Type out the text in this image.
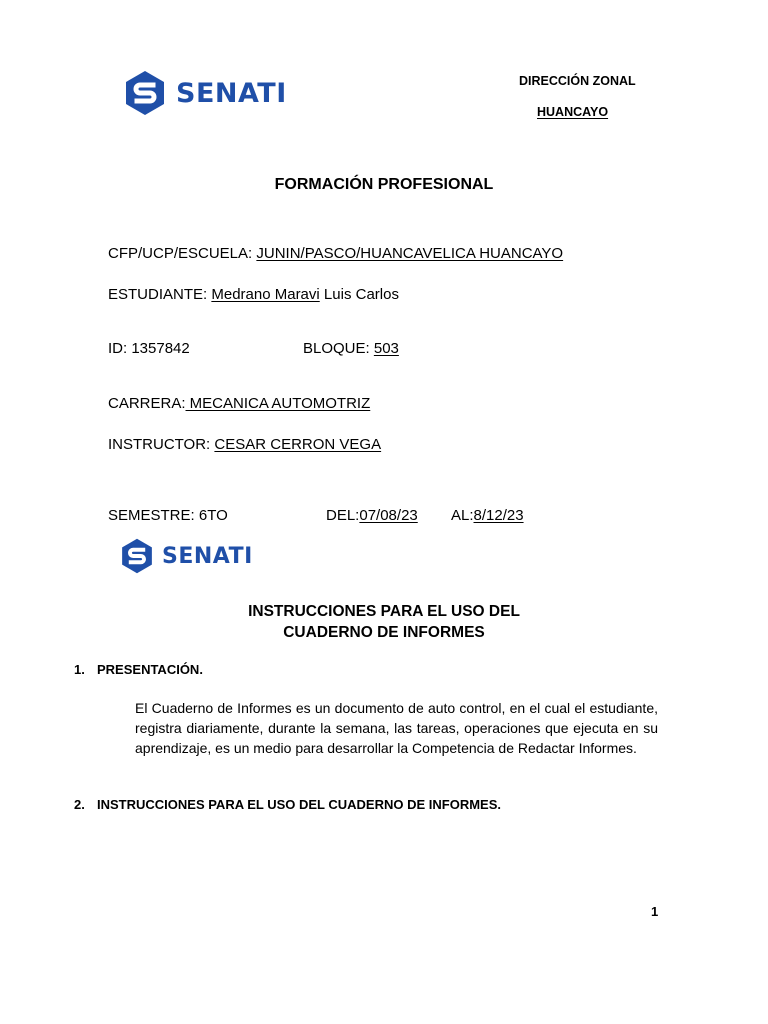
SENATI	DIRECCIÓN ZONAL
HUANCAYO
FORMACIÓN PROFESIONAL
CFP/UCP/ESCUELA: JUNIN/PASCO/HUANCAVELICA HUANCAYO
ESTUDIANTE: Medrano Maravi Luis Carlos
ID: 1357842	BLOQUE: 503
CARRERA: MECANICA AUTOMOTRIZ
INSTRUCTOR: CESAR CERRON VEGA
SEMESTRE: 6TO	DEL:07/08/23 AL:8/12/23
SENATI
INSTRUCCIONES PARA EL USO DEL
CUADERNO DE INFORMES
1. PRESENTACIÓN.
El Cuaderno de Informes es un documento de auto control, en el cual el estudiante, registra diariamente, durante la semana, las tareas, operaciones que ejecuta en su aprendizaje, es un medio para desarrollar la Competencia de Redactar Informes.
2. INSTRUCCIONES PARA EL USO DEL CUADERNO DE INFORMES.
1
